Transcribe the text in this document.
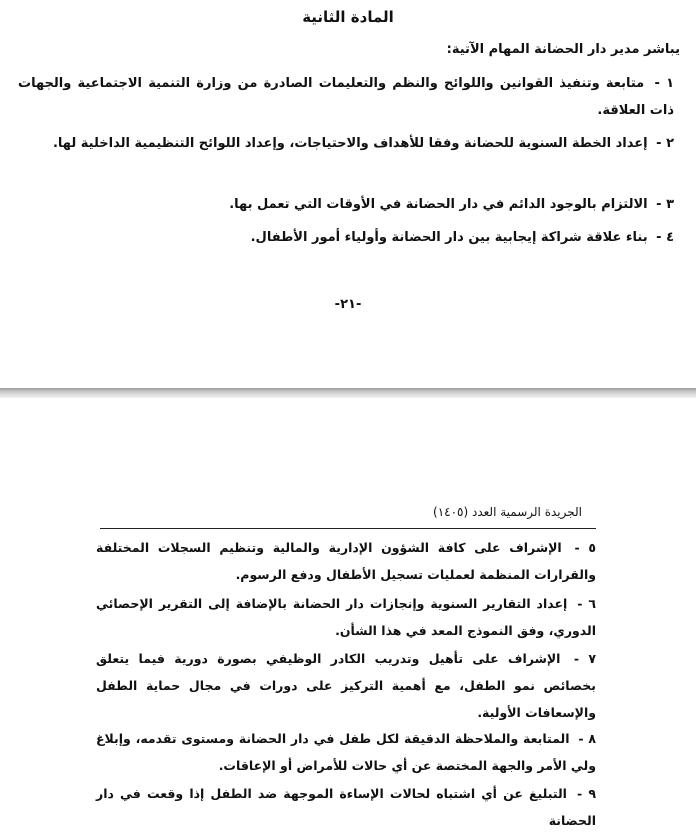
المادة الثانية
يباشر مدير دار الحضانة المهام الآتية:
١ - متابعة وتنفيذ القوانين واللوائح والنظم والتعليمات الصادرة من وزارة التنمية الاجتماعية والجهات ذات العلاقة.
٢ - إعداد الخطة السنوية للحضانة وفقا للأهداف والاحتياجات، وإعداد اللوائح التنظيمية الداخلية لها.
٣ - الالتزام بالوجود الدائم في دار الحضانة في الأوقات التي تعمل بها.
٤ - بناء علاقة شراكة إيجابية بين دار الحضانة وأولياء أمور الأطفال.
-٢١-
الجريدة الرسمية العدد (١٤٠٥)
٥ - الإشراف على كافة الشؤون الإدارية والمالية وتنظيم السجلات المختلفة والقرارات المنظمة لعمليات تسجيل الأطفال ودفع الرسوم.
٦ - إعداد التقارير السنوية وإنجازات دار الحضانة بالإضافة إلى التقرير الإحصائي الدوري، وفق النموذج المعد في هذا الشأن.
٧ - الإشراف على تأهيل وتدريب الكادر الوظيفي بصورة دورية فيما يتعلق بخصائص نمو الطفل، مع أهمية التركيز على دورات في مجال حماية الطفل والإسعافات الأولية.
٨ - المتابعة والملاحظة الدقيقة لكل طفل في دار الحضانة ومستوى تقدمه، وإبلاغ ولي الأمر والجهة المختصة عن أي حالات للأمراض أو الإعاقات.
٩ - التبليغ عن أي اشتباه لحالات الإساءة الموجهة ضد الطفل إذا وقعت في دار الحضانة
